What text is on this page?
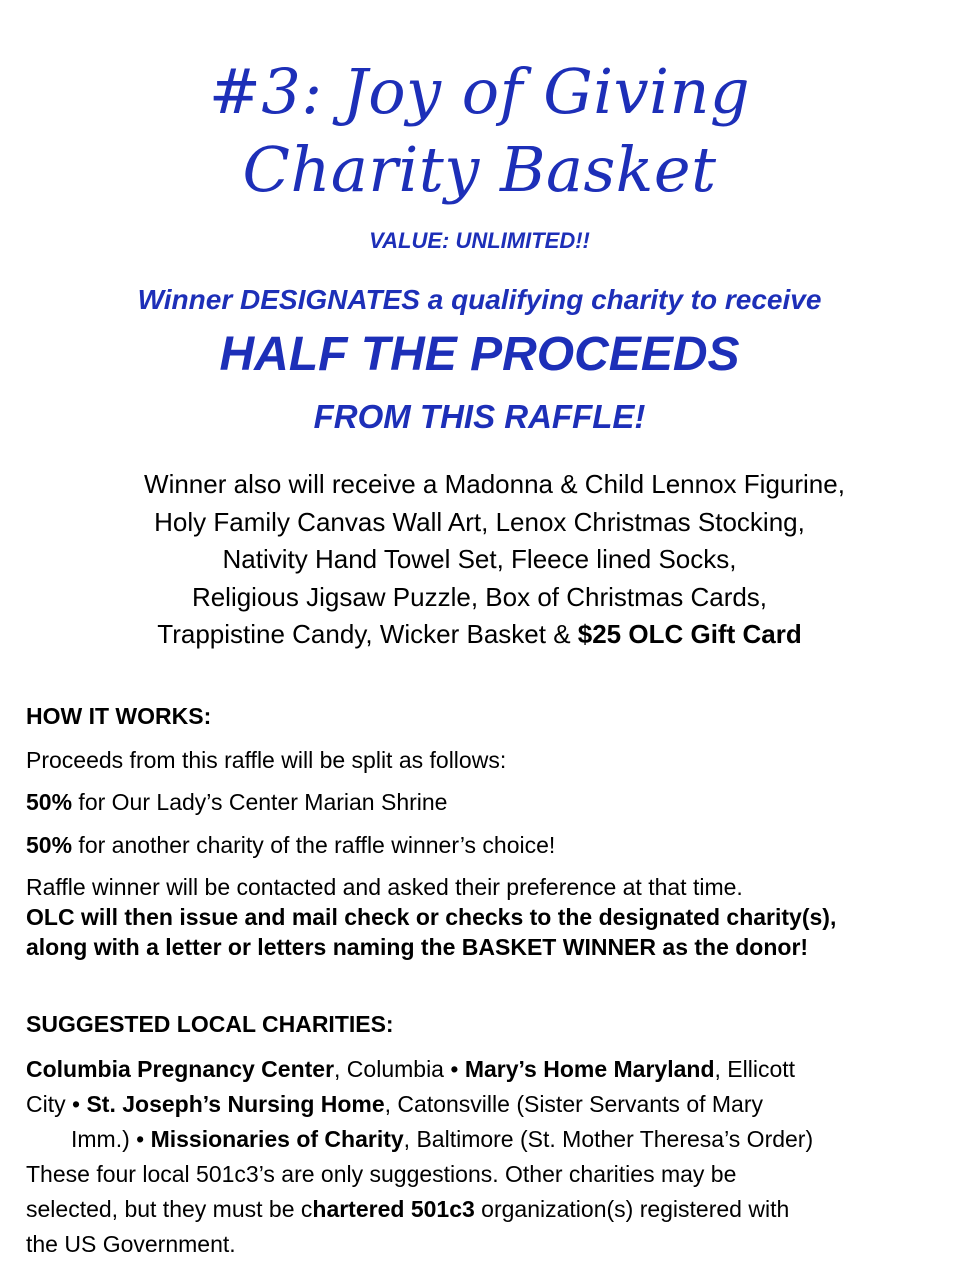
#3: Joy of Giving
Charity Basket
VALUE: UNLIMITED!!
Winner DESIGNATES a qualifying charity to receive
HALF THE PROCEEDS
FROM THIS RAFFLE!
Winner also will receive a Madonna & Child Lennox Figurine,
Holy Family Canvas Wall Art, Lenox Christmas Stocking,
Nativity Hand Towel Set, Fleece lined Socks,
Religious Jigsaw Puzzle, Box of Christmas Cards,
Trappistine Candy, Wicker Basket & $25 OLC Gift Card
HOW IT WORKS:
Proceeds from this raffle will be split as follows:
50% for Our Lady’s Center Marian Shrine
50% for another charity of the raffle winner’s choice!
Raffle winner will be contacted and asked their preference at that time.
OLC will then issue and mail check or checks to the designated charity(s),
along with a letter or letters naming the BASKET WINNER as the donor!
SUGGESTED LOCAL CHARITIES:
Columbia Pregnancy Center, Columbia • Mary’s Home Maryland, Ellicott
City • St. Joseph’s Nursing Home, Catonsville (Sister Servants of Mary
Imm.) • Missionaries of Charity, Baltimore (St. Mother Theresa’s Order)
These four local 501c3’s are only suggestions. Other charities may be
selected, but they must be chartered 501c3 organization(s) registered with
the US Government.
